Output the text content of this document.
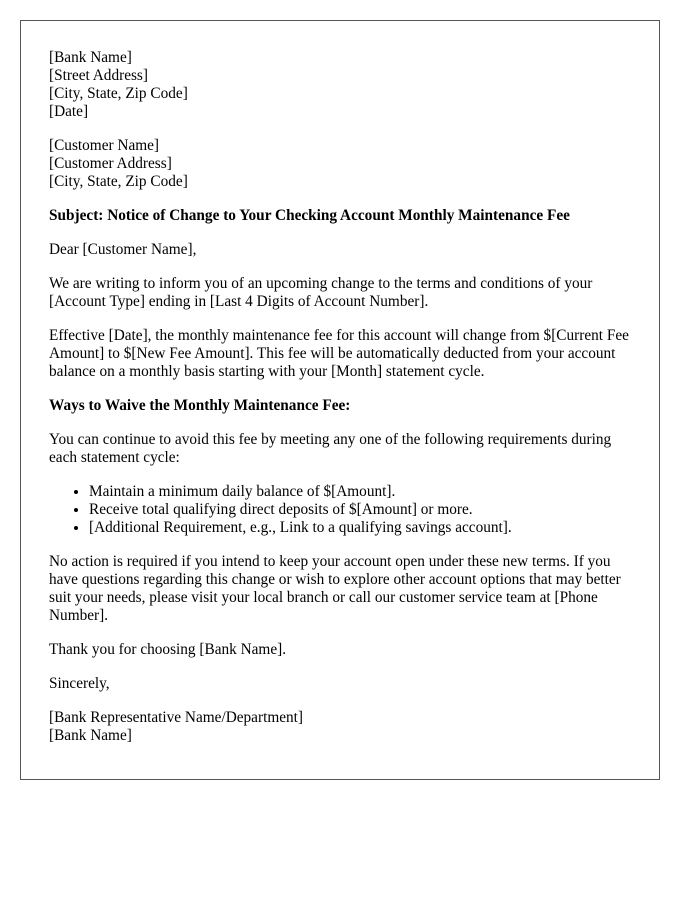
[Bank Name]
[Street Address]
[City, State, Zip Code]
[Date]
[Customer Name]
[Customer Address]
[City, State, Zip Code]

Subject: Notice of Change to Your Checking Account Monthly Maintenance Fee

Dear [Customer Name],

We are writing to inform you of an upcoming change to the terms and conditions of your [Account Type] ending in [Last 4 Digits of Account Number].

Effective [Date], the monthly maintenance fee for this account will change from $[Current Fee Amount] to $[New Fee Amount]. This fee will be automatically deducted from your account balance on a monthly basis starting with your [Month] statement cycle.

Ways to Waive the Monthly Maintenance Fee:

You can continue to avoid this fee by meeting any one of the following requirements during each statement cycle:

• Maintain a minimum daily balance of $[Amount].
• Receive total qualifying direct deposits of $[Amount] or more.
• [Additional Requirement, e.g., Link to a qualifying savings account].

No action is required if you intend to keep your account open under these new terms. If you have questions regarding this change or wish to explore other account options that may better suit your needs, please visit your local branch or call our customer service team at [Phone Number].

Thank you for choosing [Bank Name].

Sincerely,

[Bank Representative Name/Department]
[Bank Name]
